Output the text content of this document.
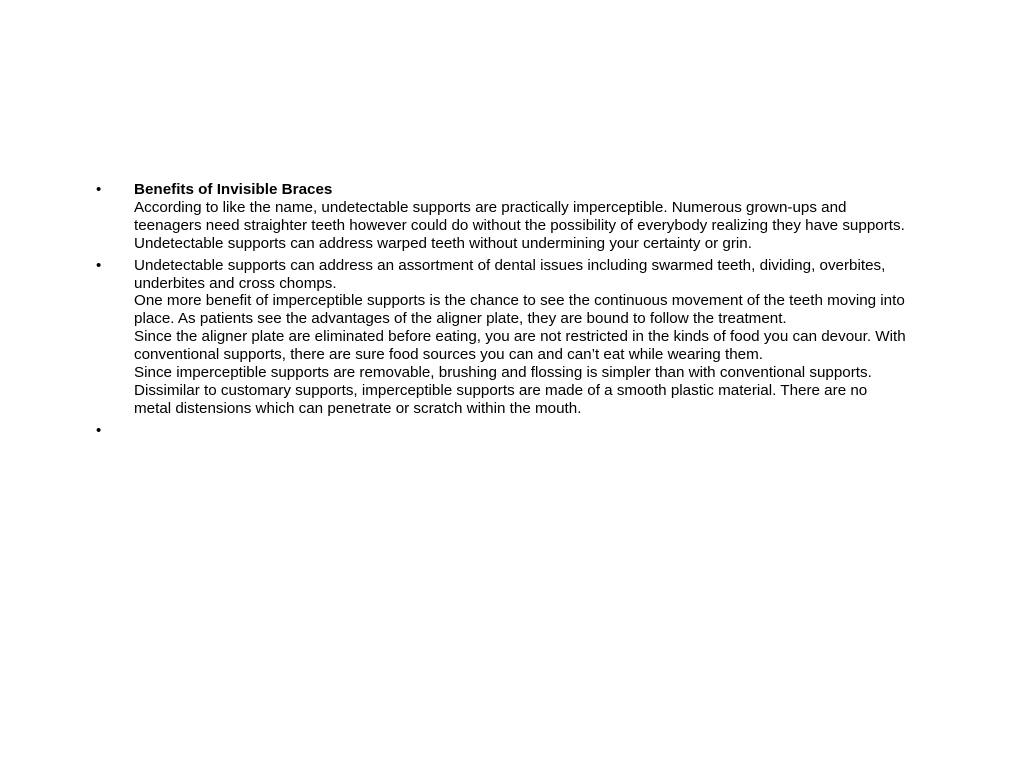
• Benefits of Invisible Braces
According to like the name, undetectable supports are practically imperceptible. Numerous grown-ups and teenagers need straighter teeth however could do without the possibility of everybody realizing they have supports. Undetectable supports can address warped teeth without undermining your certainty or grin.
• Undetectable supports can address an assortment of dental issues including swarmed teeth, dividing, overbites, underbites and cross chomps.
One more benefit of imperceptible supports is the chance to see the continuous movement of the teeth moving into place. As patients see the advantages of the aligner plate, they are bound to follow the treatment.
Since the aligner plate are eliminated before eating, you are not restricted in the kinds of food you can devour. With conventional supports, there are sure food sources you can and can’t eat while wearing them.
Since imperceptible supports are removable, brushing and flossing is simpler than with conventional supports.
Dissimilar to customary supports, imperceptible supports are made of a smooth plastic material. There are no metal distensions which can penetrate or scratch within the mouth.
•
